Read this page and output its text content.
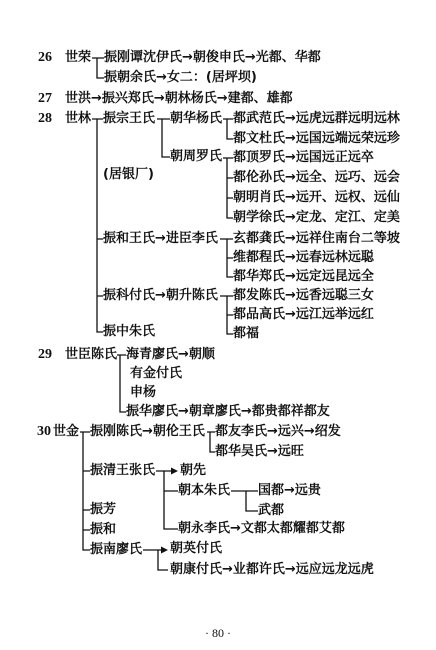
26 世荣 振刚谭沈伊氏→朝俊申氏→光都、华都
振朝余氏→女二：(居坪坝)
27 世洪→振兴郑氏→朝林杨氏→建都、雄都
28 世林
(居银厂)
振宗王氏 朝华杨氏 都武范氏→远虎远群远明远林
都文杜氏→远国远端远荣远珍
朝周罗氏 都顶罗氏→远国远正远卒
都伦孙氏→远全、远巧、远会
朝明肖氏→远开、远权、远仙
朝学徐氏→定龙、定江、定美
振和王氏→进臣李氏 玄都龚氏→远祥住南台二等坡
维都程氏→远春远林远聪
都华郑氏→远定远昆远全
振科付氏→朝升陈氏 都发陈氏→远香远聪三女
都品高氏→远江远举远红
都福
振中朱氏
29 世臣陈氏 海青廖氏→朝顺
有金付氏
申杨
振华廖氏→朝章廖氏→都贵都祥都友
30 世金 振刚陈氏→朝伦王氏 都友李氏→远兴→绍发
都华吴氏→远旺
振清王张氏 朝先
朝本朱氏 国都→远贵
武都
朝永李氏→文都太都耀都艾都
振芳
振和
振南廖氏 朝英付氏
朝康付氏→业都许氏→远应远龙远虎
· 80 ·
